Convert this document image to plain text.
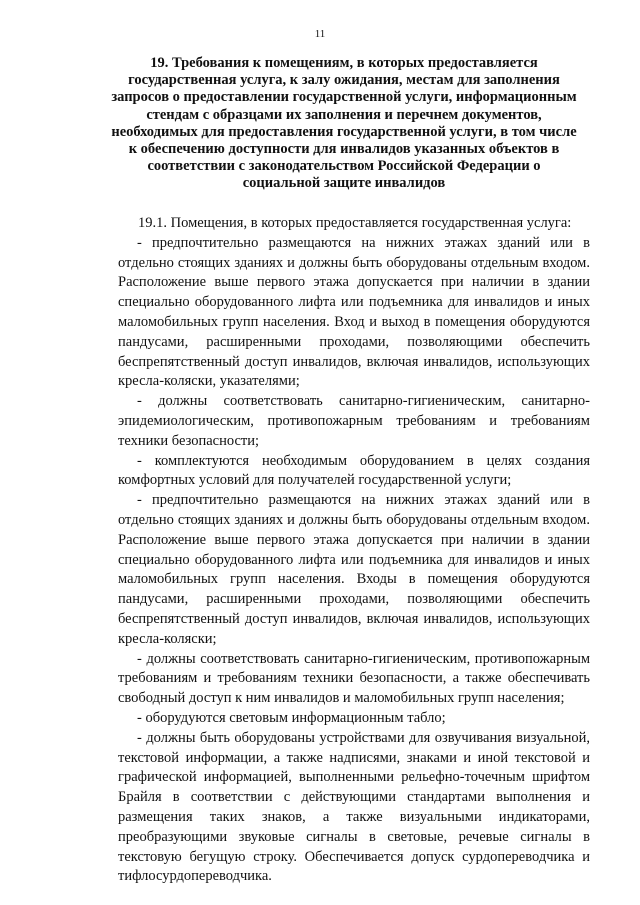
11
19. Требования к помещениям, в которых предоставляется государственная услуга, к залу ожидания, местам для заполнения запросов о предоставлении государственной услуги, информационным стендам с образцами их заполнения и перечнем документов, необходимых для предоставления государственной услуги, в том числе к обеспечению доступности для инвалидов указанных объектов в соответствии с законодательством Российской Федерации о социальной защите инвалидов

19.1. Помещения, в которых предоставляется государственная услуга:

- предпочтительно размещаются на нижних этажах зданий или в отдельно стоящих зданиях и должны быть оборудованы отдельным входом. Расположение выше первого этажа допускается при наличии в здании специально оборудованного лифта или подъемника для инвалидов и иных маломобильных групп населения. Вход и выход в помещения оборудуются пандусами, расширенными проходами, позволяющими обеспечить беспрепятственный доступ инвалидов, включая инвалидов, использующих кресла-коляски, указателями;

- должны соответствовать санитарно-гигиеническим, санитарно-эпидемиологическим, противопожарным требованиям и требованиям техники безопасности;

- комплектуются необходимым оборудованием в целях создания комфортных условий для получателей государственной услуги;

- предпочтительно размещаются на нижних этажах зданий или в отдельно стоящих зданиях и должны быть оборудованы отдельным входом. Расположение выше первого этажа допускается при наличии в здании специально оборудованного лифта или подъемника для инвалидов и иных маломобильных групп населения. Входы в помещения оборудуются пандусами, расширенными проходами, позволяющими обеспечить беспрепятственный доступ инвалидов, включая инвалидов, использующих кресла-коляски;

- должны соответствовать санитарно-гигиеническим, противопожарным требованиям и требованиям техники безопасности, а также обеспечивать свободный доступ к ним инвалидов и маломобильных групп населения;

- оборудуются световым информационным табло;

- должны быть оборудованы устройствами для озвучивания визуальной, текстовой информации, а также надписями, знаками и иной текстовой и графической информацией, выполненными рельефно-точечным шрифтом Брайля в соответствии с действующими стандартами выполнения и размещения таких знаков, а также визуальными индикаторами, преобразующими звуковые сигналы в световые, речевые сигналы в текстовую бегущую строку. Обеспечивается допуск сурдопереводчика и тифлосурдопереводчика.
